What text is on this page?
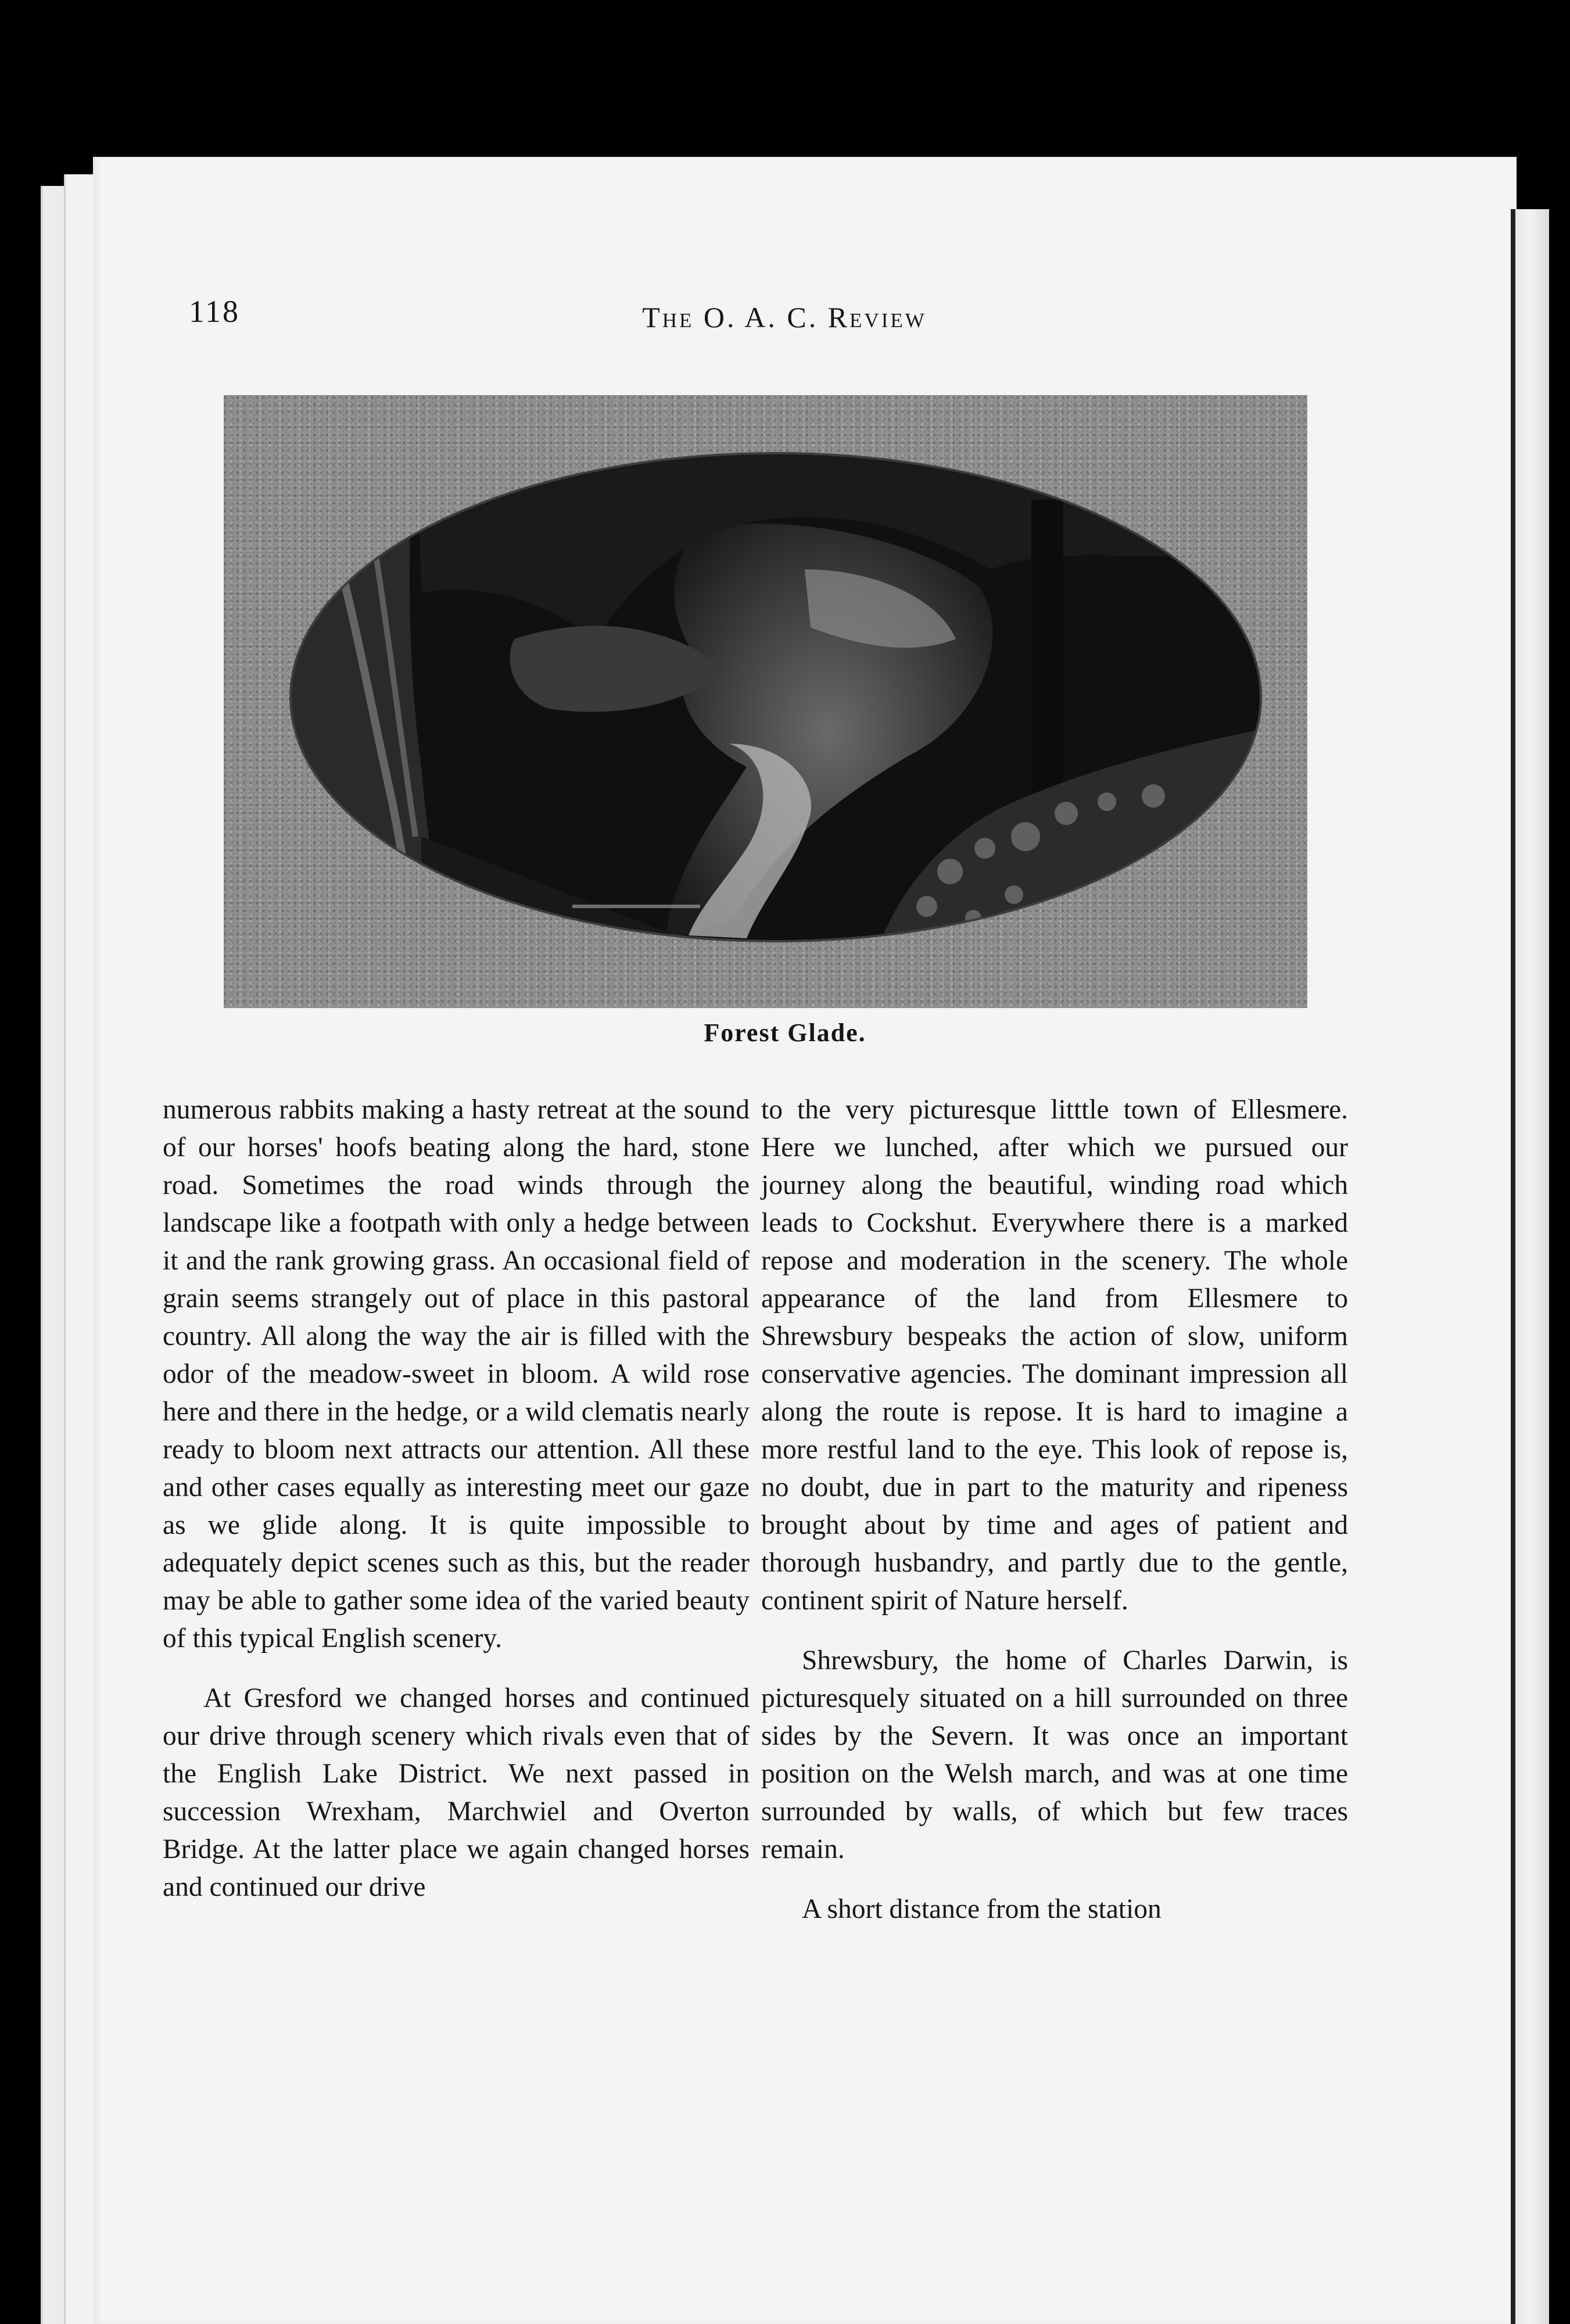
118	The O. A. C. Review
Forest Glade.

numerous rabbits making a hasty retreat at the sound of our horses' hoofs beating along the hard, stone road. Sometimes the road winds through the landscape like a footpath with only a hedge between it and the rank growing grass. An occasional field of grain seems strangely out of place in this pastoral country. All along the way the air is filled with the odor of the meadow-sweet in bloom. A wild rose here and there in the hedge, or a wild clematis nearly ready to bloom next attracts our attention. All these and other cases equally as interesting meet our gaze as we glide along. It is quite impossible to adequately depict scenes such as this, but the reader may be able to gather some idea of the varied beauty of this typical English scenery.

At Gresford we changed horses and continued our drive through scenery which rivals even that of the English Lake District. We next passed in succession Wrexham, Marchwiel and Overton Bridge. At the latter place we again changed horses and continued our drive

to the very picturesque litttle town of Ellesmere. Here we lunched, after which we pursued our journey along the beautiful, winding road which leads to Cockshut. Everywhere there is a marked repose and moderation in the scenery. The whole appearance of the land from Ellesmere to Shrewsbury bespeaks the action of slow, uniform conservative agencies. The dominant impression all along the route is repose. It is hard to imagine a more restful land to the eye. This look of repose is, no doubt, due in part to the maturity and ripeness brought about by time and ages of patient and thorough husbandry, and partly due to the gentle, continent spirit of Nature herself.

Shrewsbury, the home of Charles Darwin, is picturesquely situated on a hill surrounded on three sides by the Severn. It was once an important position on the Welsh march, and was at one time surrounded by walls, of which but few traces remain.

A short distance from the station
